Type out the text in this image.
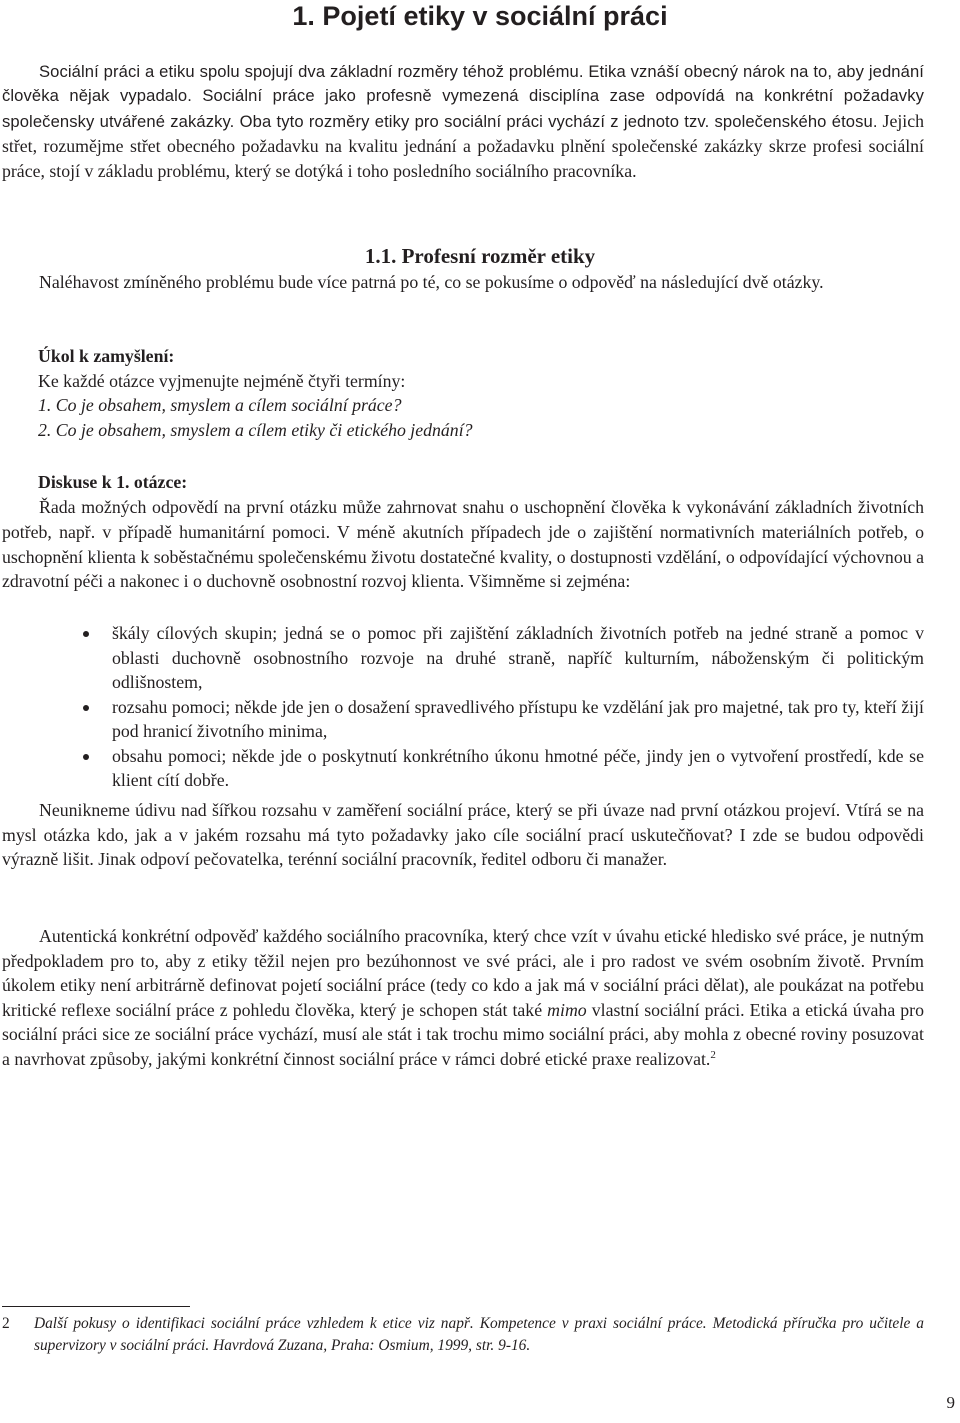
1. Pojetí etiky v sociální práci

Sociální práci a etiku spolu spojují dva základní rozměry téhož problému. Etika vznáší obecný nárok na to, aby jednání člověka nějak vypadalo. Sociální práce jako profesně vymezená disciplína zase odpovídá na konkrétní požadavky společensky utvářené zakázky. Oba tyto rozměry etiky pro sociální práci vychází z jednoto tzv. společenského étosu. Jejich střet, rozumějme střet obecného požadavku na kvalitu jednání a požadavku plnění společenské zakázky skrze profesi sociální práce, stojí v základu problému, který se dotýká i toho posledního sociálního pracovníka.

1.1. Profesní rozměr etiky

Naléhavost zmíněného problému bude více patrná po té, co se pokusíme o odpověď na následující dvě otázky.

Úkol k zamyšlení:
Ke každé otázce vyjmenujte nejméně čtyři termíny:
1. Co je obsahem, smyslem a cílem sociální práce?
2. Co je obsahem, smyslem a cílem etiky či etického jednání?
Diskuse k 1. otázce:

Řada možných odpovědí na první otázku může zahrnovat snahu o uschopnění člověka k vykonávání základních životních potřeb, např. v případě humanitární pomoci. V méně akutních případech jde o zajištění normativních materiálních potřeb, o uschopnění klienta k soběstačnému společenskému životu dostatečné kvality, o dostupnosti vzdělání, o odpovídající výchovnou a zdravotní péči a nakonec i o duchovně osobnostní rozvoj klienta. Všimněme si zejména:

škály cílových skupin; jedná se o pomoc při zajištění základních životních potřeb na jedné straně a pomoc v oblasti duchovně osobnostního rozvoje na druhé straně, napříč kulturním, náboženským či politickým odlišnostem,
rozsahu pomoci; někde jde jen o dosažení spravedlivého přístupu ke vzdělání jak pro majetné, tak pro ty, kteří žijí pod hranicí životního minima,
obsahu pomoci; někde jde o poskytnutí konkrétního úkonu hmotné péče, jindy jen o vytvoření prostředí, kde se klient cítí dobře.

Neunikneme údivu nad šířkou rozsahu v zaměření sociální práce, který se při úvaze nad první otázkou projeví. Vtírá se na mysl otázka kdo, jak a v jakém rozsahu má tyto požadavky jako cíle sociální prací uskutečňovat? I zde se budou odpovědi výrazně lišit. Jinak odpoví pečovatelka, terénní sociální pracovník, ředitel odboru či manažer.

Autentická konkrétní odpověď každého sociálního pracovníka, který chce vzít v úvahu etické hledisko své práce, je nutným předpokladem pro to, aby z etiky těžil nejen pro bezúhonnost ve své práci, ale i pro radost ve svém osobním životě. Prvním úkolem etiky není arbitrárně definovat pojetí sociální práce (tedy co kdo a jak má v sociální práci dělat), ale poukázat na potřebu kritické reflexe sociální práce z pohledu člověka, který je schopen stát také mimo vlastní sociální práci. Etika a etická úvaha pro sociální práci sice ze sociální práce vychází, musí ale stát i tak trochu mimo sociální práci, aby mohla z obecné roviny posuzovat a navrhovat způsoby, jakými konkrétní činnost sociální práce v rámci dobré etické praxe realizovat.$^2$

2	Další pokusy o identifikaci sociální práce vzhledem k etice viz např. Kompetence v praxi sociální práce. Metodická příručka pro učitele a supervizory v sociální práci. Havrdová Zuzana, Praha: Osmium, 1999, str. 9-16.
9
